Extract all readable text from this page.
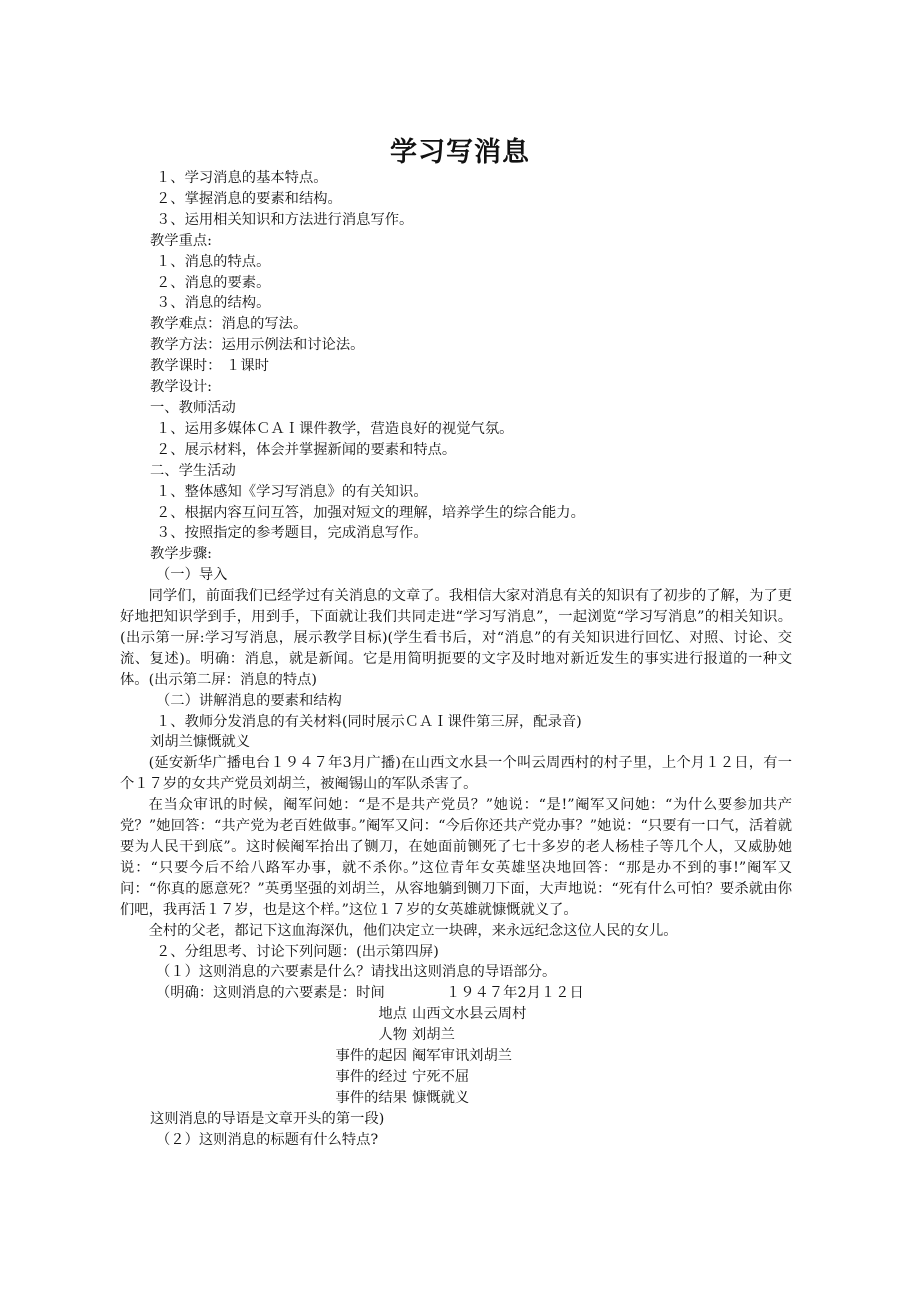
学习写消息
１、学习消息的基本特点。
２、掌握消息的要素和结构。
３、运用相关知识和方法进行消息写作。
教学重点:
１、消息的特点。
２、消息的要素。
３、消息的结构。
教学难点：消息的写法。
教学方法：运用示例法和讨论法。
教学课时： １课时
教学设计:
一、教师活动
１、运用多媒体ＣＡＩ课件教学，营造良好的视觉气氛。
２、展示材料，体会并掌握新闻的要素和特点。
二、学生活动
１、整体感知《学习写消息》的有关知识。
２、根据内容互问互答，加强对短文的理解，培养学生的综合能力。
３、按照指定的参考题目，完成消息写作。
教学步骤:
（一）导入
同学们，前面我们已经学过有关消息的文章了。我相信大家对消息有关的知识有了初步的了解，为了更好地把知识学到手，用到手，下面就让我们共同走进“学习写消息”，一起浏览“学习写消息”的相关知识。(出示第一屏:学习写消息，展示教学目标)(学生看书后，对“消息”的有关知识进行回忆、对照、讨论、交流、复述)。明确：消息，就是新闻。它是用简明扼要的文字及时地对新近发生的事实进行报道的一种文体。(出示第二屏：消息的特点)
（二）讲解消息的要素和结构
１、教师分发消息的有关材料(同时展示ＣＡＩ课件第三屏，配录音)
刘胡兰慷慨就义
(延安新华广播电台１９４７年3月广播)在山西文水县一个叫云周西村的村子里，上个月１２日，有一个１７岁的女共产党员刘胡兰，被阉锡山的军队杀害了。
在当众审讯的时候，阉军问她：“是不是共产党员？”她说：“是!”阉军又问她：“为什么要参加共产党？”她回答：“共产党为老百姓做事。”阉军又问：“今后你还共产党办事？”她说：“只要有一口气，活着就要为人民干到底”。这时候阉军抬出了铡刀，在她面前铡死了七十多岁的老人杨桂子等几个人，又威胁她说：“只要今后不给八路军办事，就不杀你。”这位青年女英雄坚决地回答：“那是办不到的事!”阉军又问：“你真的愿意死？”英勇坚强的刘胡兰，从容地躺到铡刀下面，大声地说：“死有什么可怕？要杀就由你们吧，我再活１７岁，也是这个样。”这位１７岁的女英雄就慷慨就义了。
全村的父老，都记下这血海深仇，他们决定立一块碑，来永远纪念这位人民的女儿。
２、分组思考、讨论下列问题：(出示第四屏)
（１）这则消息的六要素是什么？请找出这则消息的导语部分。
（明确：这则消息的六要素是：时间	１９４７年2月１２日
地点 山西文水县云周村
人物 刘胡兰
事件的起因 阉军审讯刘胡兰
事件的经过 宁死不屈
事件的结果 慷慨就义
这则消息的导语是文章开头的第一段)
（２）这则消息的标题有什么特点?
